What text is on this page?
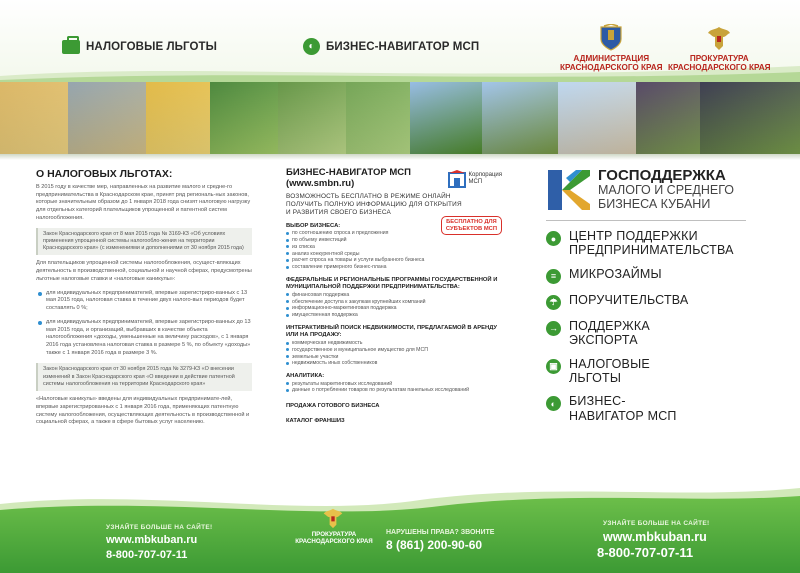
НАЛОГОВЫЕ ЛЬГОТЫ	◐ БИЗНЕС-НАВИГАТОР МСП
АДМИНИСТРАЦИЯ
КРАСНОДАРСКОГО КРАЯ
ПРОКУРАТУРА
КРАСНОДАРСКОГО КРАЯ
О НАЛОГОВЫХ ЛЬГОТАХ:
В 2015 году в качестве мер, направленных на развитие малого и средне-го предпринимательства в Краснодарском крае, принят ряд региональ-ных законов, которые значительным образом до 1 января 2018 года снизят налоговую нагрузку для отдельных категорий плательщиков упрощенной и патентной систем налогообложения.
Закон Краснодарского края от 8 мая 2015 года № 3169-КЗ «Об условиях применения упрощенной системы налогообло-жения на территории Краснодарского края» (с изменениями и дополнениями от 30 ноября 2015 года)
Для плательщиков упрощенной системы налогообложения, осущест-вляющих деятельность в производственной, социальной и научной сферах, предусмотрены льготные налоговые ставки и «налоговые каникулы»:
для индивидуальных предпринимателей, впервые зарегистриро-ванных с 13 мая 2015 года, налоговая ставка в течение двух налого-вых периодов будет составлять 0 %;
для индивидуальных предпринимателей, впервые зарегистриро-ванных до 13 мая 2015 года, и организаций, выбравших в качестве объекта налогообложения «доходы, уменьшенные на величину расходов», с 1 января 2016 года установлена налоговая ставка в размере 5 %, по объекту «доходы» также с 1 января 2016 года в размере 3 %.
Закон Краснодарского края от 30 ноября 2015 года № 3279-КЗ «О внесении изменений в Закон Краснодарского края «О введении в действие патентной системы налогообложения на территории Краснодарского края»
«Налоговые каникулы» введены для индивидуальных предпринимате-лей, впервые зарегистрированных с 1 января 2016 года, применяющих патентную систему налогообложения, осуществляющих деятельность в производственной и социальной сферах, а также в сфере бытовых услуг населению.
БИЗНЕС-НАВИГАТОР МСП
(www.smbn.ru)
Корпорация
МСП
ВОЗМОЖНОСТЬ БЕСПЛАТНО В РЕЖИМЕ ОНЛАЙН ПОЛУЧИТЬ ПОЛНУЮ ИНФОРМАЦИЮ ДЛЯ ОТКРЫТИЯ И РАЗВИТИЯ СВОЕГО БИЗНЕСА
БЕСПЛАТНО ДЛЯ
СУБЪЕКТОВ МСП
ВЫБОР БИЗНЕСА:
по соотношению спроса и предложения
по объему инвестиций
из списка
анализ конкурентной среды
расчет спроса на товары и услуги выбранного бизнеса
составление примерного бизнес-плана
ФЕДЕРАЛЬНЫЕ И РЕГИОНАЛЬНЫЕ ПРОГРАММЫ ГОСУДАРСТВЕННОЙ И МУНИЦИПАЛЬНОЙ ПОДДЕРЖКИ ПРЕДПРИНИМАТЕЛЬСТВА:
финансовая поддержка
обеспечение доступа к закупкам крупнейших компаний
информационно-маркетинговая поддержка
имущественная поддержка
ИНТЕРАКТИВНЫЙ ПОИСК НЕДВИЖИМОСТИ, ПРЕДЛАГАЕМОЙ В АРЕНДУ ИЛИ НА ПРОДАЖУ:
коммерческая недвижимость
государственное и муниципальное имущество для МСП
земельные участки
недвижимость иных собственников
АНАЛИТИКА:
результаты маркетинговых исследований
данные о потреблении товаров по результатам панельных исследований
ПРОДАЖА ГОТОВОГО БИЗНЕСА
КАТАЛОГ ФРАНШИЗ
ГОСПОДДЕРЖКА
МАЛОГО И СРЕДНЕГО
БИЗНЕСА КУБАНИ
●	ЦЕНТР ПОДДЕРЖКИ
ПРЕДПРИНИМАТЕЛЬСТВА
≡	МИКРОЗАЙМЫ
☂ ПОРУЧИТЕЛЬСТВА
→ ПОДДЕРЖКА
ЭКСПОРТА
▣ НАЛОГОВЫЕ
ЛЬГОТЫ
◐	БИЗНЕС-
НАВИГАТОР МСП
УЗНАЙТЕ БОЛЬШЕ НА САЙТЕ!
www.mbkuban.ru
8-800-707-07-11
ПРОКУРАТУРА
КРАСНОДАРСКОГО КРАЯ
НАРУШЕНЫ ПРАВА? ЗВОНИТЕ
8 (861) 200-90-60
УЗНАЙТЕ БОЛЬШЕ НА САЙТЕ!
www.mbkuban.ru
8-800-707-07-11
